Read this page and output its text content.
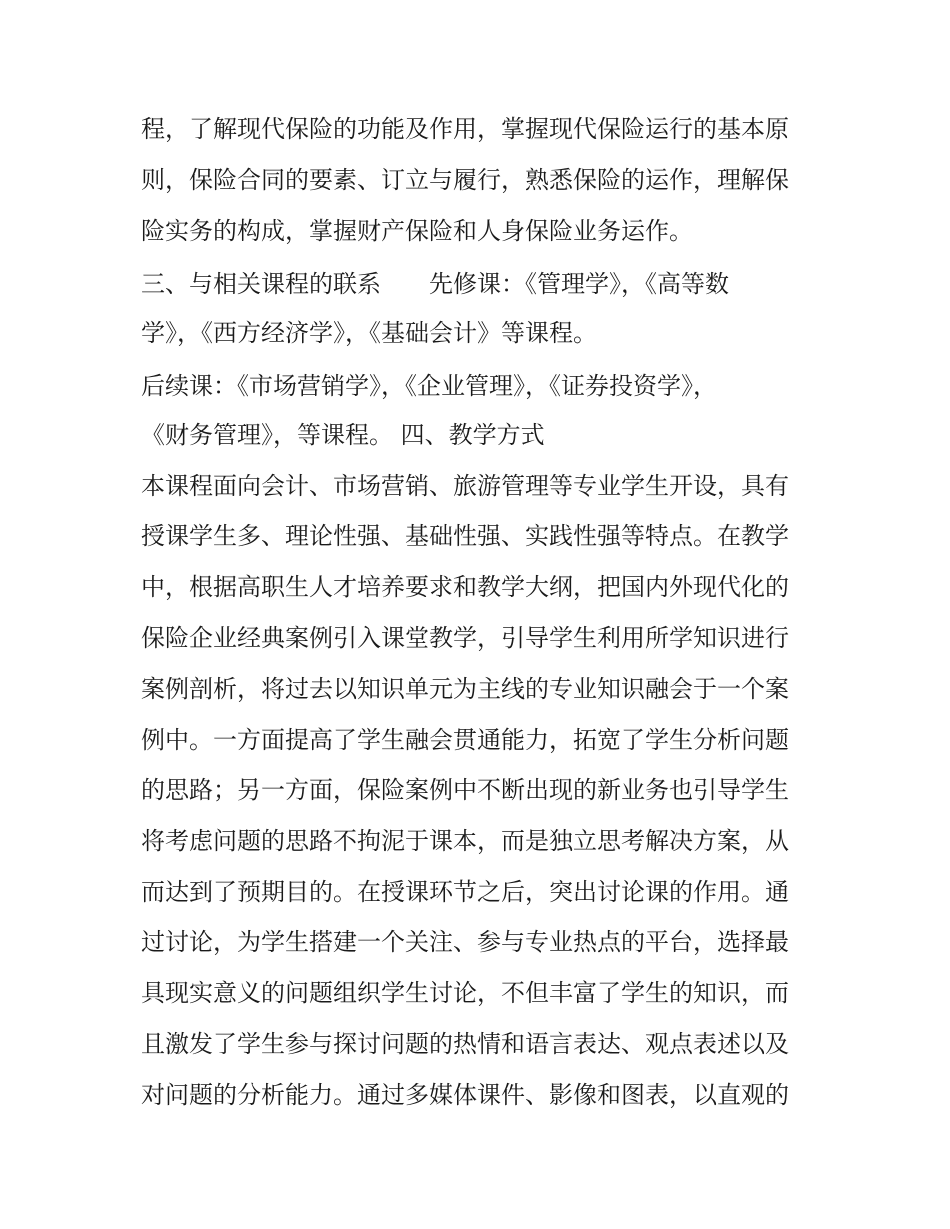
程，了解现代保险的功能及作用，掌握现代保险运行的基本原

则，保险合同的要素、订立与履行，熟悉保险的运作，理解保

险实务的构成，掌握财产保险和人身保险业务运作。

三、与相关课程的联系　　先修课：《管理学》，《高等数

学》，《西方经济学》，《基础会计》等课程。

后续课：《市场营销学》，《企业管理》，《证券投资学》，

《财务管理》，等课程。 四、教学方式

本课程面向会计、市场营销、旅游管理等专业学生开设，具有

授课学生多、理论性强、基础性强、实践性强等特点。在教学

中，根据高职生人才培养要求和教学大纲，把国内外现代化的

保险企业经典案例引入课堂教学，引导学生利用所学知识进行

案例剖析，将过去以知识单元为主线的专业知识融会于一个案

例中。一方面提高了学生融会贯通能力，拓宽了学生分析问题

的思路；另一方面，保险案例中不断出现的新业务也引导学生

将考虑问题的思路不拘泥于课本，而是独立思考解决方案，从

而达到了预期目的。在授课环节之后，突出讨论课的作用。通

过讨论，为学生搭建一个关注、参与专业热点的平台，选择最

具现实意义的问题组织学生讨论，不但丰富了学生的知识，而

且激发了学生参与探讨问题的热情和语言表达、观点表述以及

对问题的分析能力。通过多媒体课件、影像和图表，以直观的
